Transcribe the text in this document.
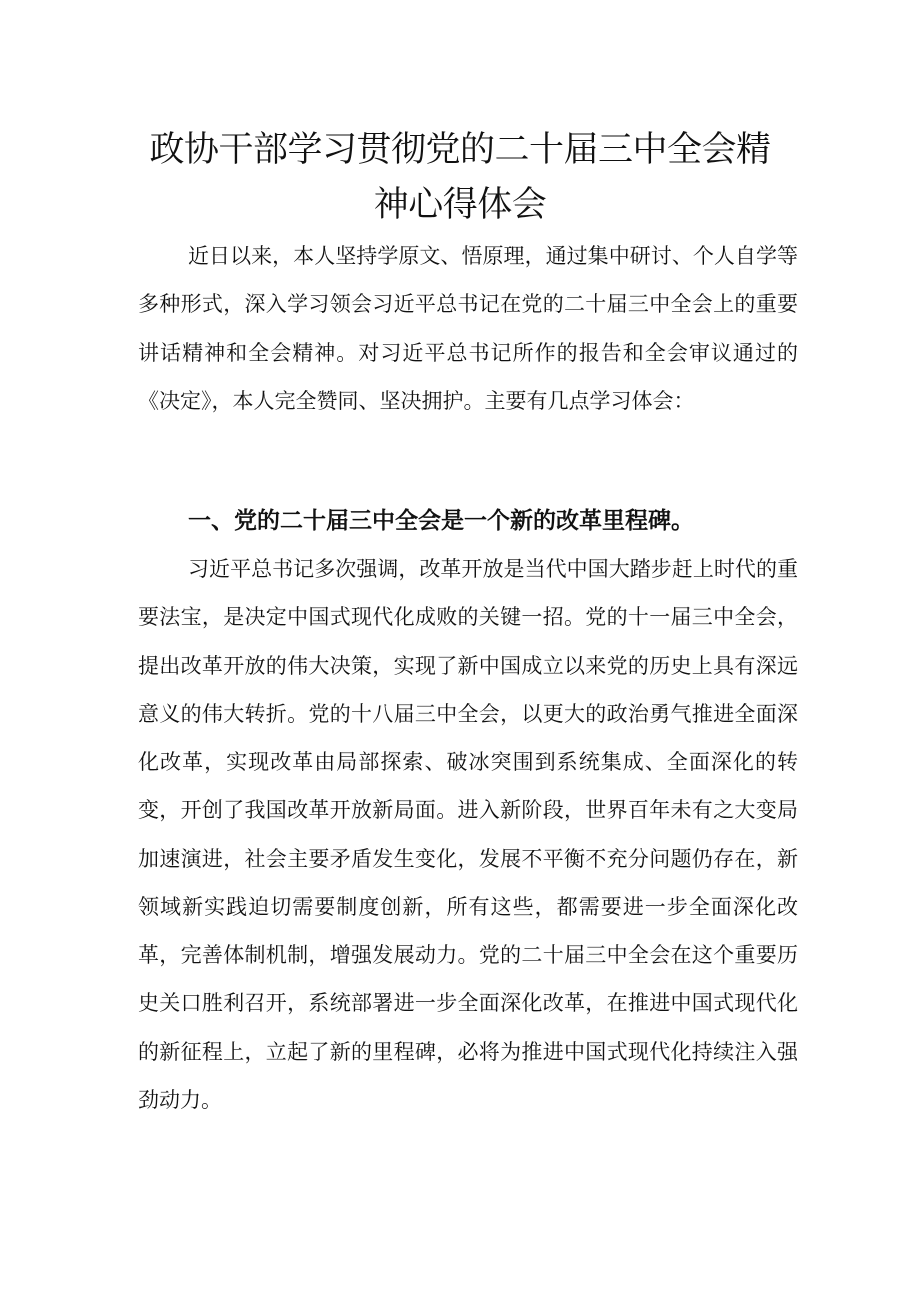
政协干部学习贯彻党的二十届三中全会精
神心得体会

近日以来，本人坚持学原文、悟原理，通过集中研讨、个人自学等多种形式，深入学习领会习近平总书记在党的二十届三中全会上的重要讲话精神和全会精神。对习近平总书记所作的报告和全会审议通过的《决定》，本人完全赞同、坚决拥护。主要有几点学习体会：

一、党的二十届三中全会是一个新的改革里程碑。

习近平总书记多次强调，改革开放是当代中国大踏步赶上时代的重要法宝，是决定中国式现代化成败的关键一招。党的十一届三中全会，提出改革开放的伟大决策，实现了新中国成立以来党的历史上具有深远意义的伟大转折。党的十八届三中全会，以更大的政治勇气推进全面深化改革，实现改革由局部探索、破冰突围到系统集成、全面深化的转变，开创了我国改革开放新局面。进入新阶段，世界百年未有之大变局加速演进，社会主要矛盾发生变化，发展不平衡不充分问题仍存在，新领域新实践迫切需要制度创新，所有这些，都需要进一步全面深化改革，完善体制机制，增强发展动力。党的二十届三中全会在这个重要历史关口胜利召开，系统部署进一步全面深化改革，在推进中国式现代化的新征程上，立起了新的里程碑，必将为推进中国式现代化持续注入强劲动力。
